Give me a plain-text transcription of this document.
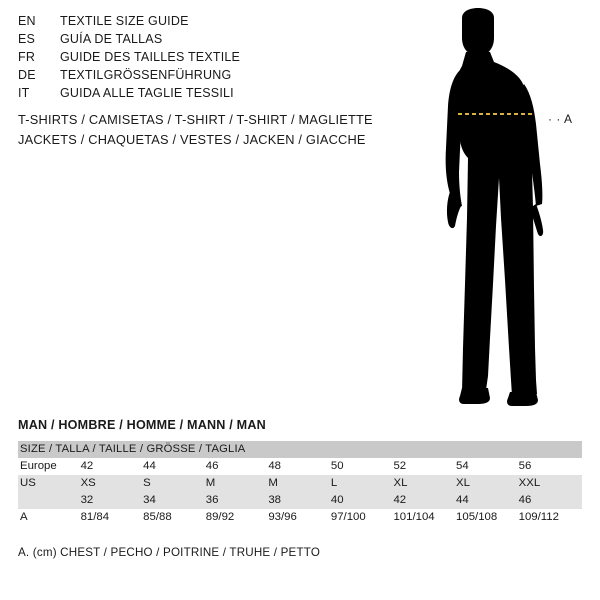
EN	TEXTILE SIZE GUIDE
ES	GUÍA DE TALLAS
FR	GUIDE DES TAILLES TEXTILE
DE	TEXTILGRÖSSENFÜHRUNG
IT	GUIDA ALLE TAGLIE TESSILI
T-SHIRTS / CAMISETAS / T-SHIRT / T-SHIRT / MAGLIETTE
JACKETS / CHAQUETAS / VESTES / JACKEN / GIACCHE
· · A
MAN / HOMBRE / HOMME / MANN / MAN
SIZE / TALLA / TAILLE / GRÖSSE / TAGLIA								
Europe	42	44	46	48	50	52	54	56
US	XS	S	M	M	L	XL	XL	XXL
	32	34	36	38	40	42	44	46
A	81/84	85/88	89/92	93/96	97/100	101/104	105/108	109/112
A. (cm) CHEST / PECHO / POITRINE / TRUHE / PETTO
